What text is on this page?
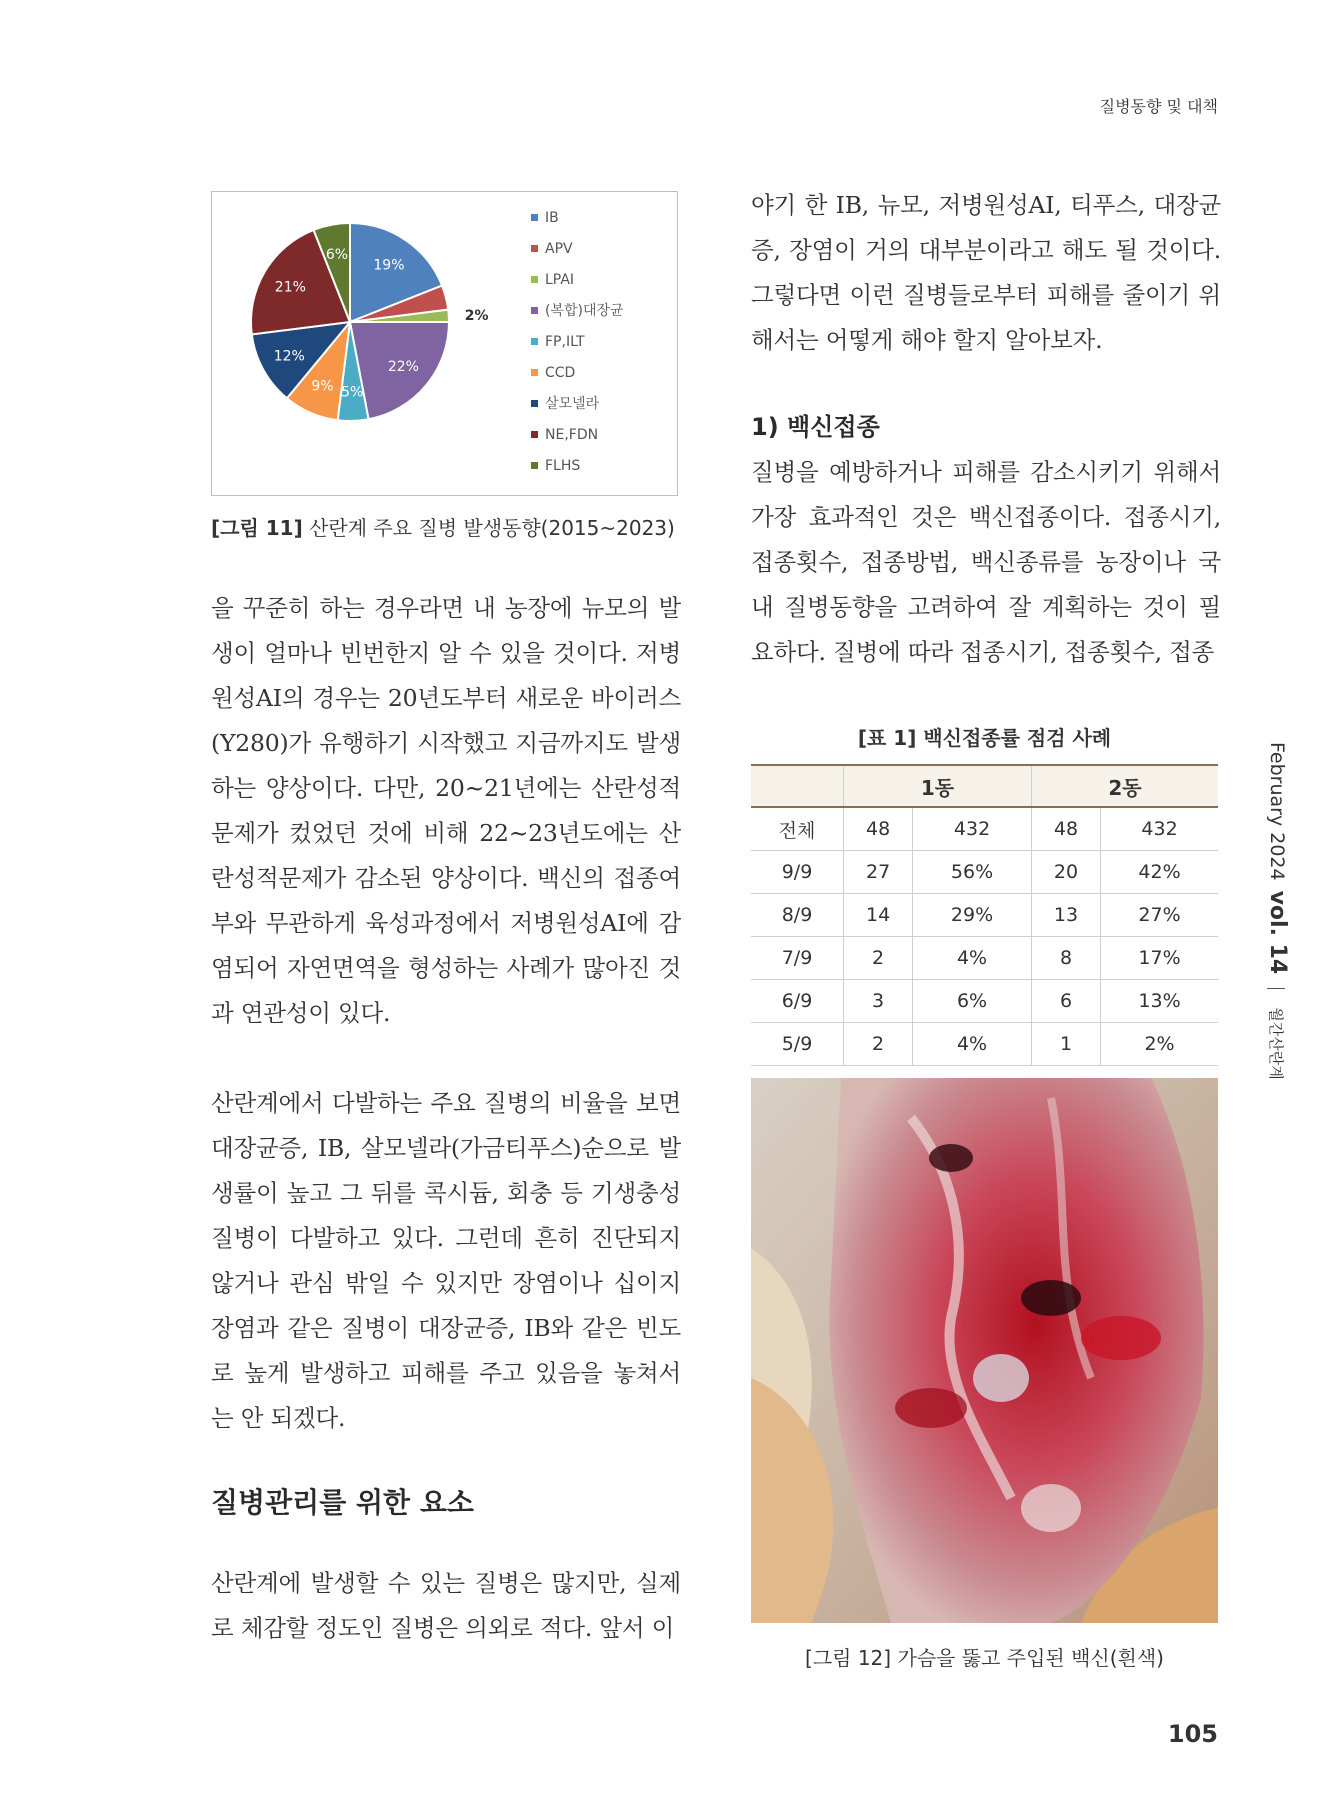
질병동향 및 대책
19%
2%
22%
5%
9%
12%
21%
6%
IB
APV
LPAI
(복합)대장균
FP,ILT
CCD
살모넬라
NE,FDN
FLHS
[그림 11] 산란계 주요 질병 발생동향(2015~2023)

을 꾸준히 하는 경우라면 내 농장에 뉴모의 발생이 얼마나 빈번한지 알 수 있을 것이다. 저병원성AI의 경우는 20년도부터 새로운 바이러스(Y280)가 유행하기 시작했고 지금까지도 발생하는 양상이다. 다만, 20~21년에는 산란성적문제가 컸었던 것에 비해 22~23년도에는 산란성적문제가 감소된 양상이다. 백신의 접종여부와 무관하게 육성과정에서 저병원성AI에 감염되어 자연면역을 형성하는 사례가 많아진 것과 연관성이 있다.

산란계에서 다발하는 주요 질병의 비율을 보면 대장균증, IB, 살모넬라(가금티푸스)순으로 발생률이 높고 그 뒤를 콕시듐, 회충 등 기생충성 질병이 다발하고 있다. 그런데 흔히 진단되지 않거나 관심 밖일 수 있지만 장염이나 십이지장염과 같은 질병이 대장균증, IB와 같은 빈도로 높게 발생하고 피해를 주고 있음을 놓쳐서는 안 되겠다.

질병관리를 위한 요소

산란계에 발생할 수 있는 질병은 많지만, 실제로 체감할 정도인 질병은 의외로 적다. 앞서 이

야기 한 IB, 뉴모, 저병원성AI, 티푸스, 대장균증, 장염이 거의 대부분이라고 해도 될 것이다. 그렇다면 이런 질병들로부터 피해를 줄이기 위해서는 어떻게 해야 할지 알아보자.

1) 백신접종

질병을 예방하거나 피해를 감소시키기 위해서 가장 효과적인 것은 백신접종이다. 접종시기, 접종횟수, 접종방법, 백신종류를 농장이나 국내 질병동향을 고려하여 잘 계획하는 것이 필요하다. 질병에 따라 접종시기, 접종횟수, 접종

[표 1] 백신접종률 점검 사례
	1동		2동	
전체	48	432	48	432
9/9	27	56%	20	42%
8/9	14	29%	13	27%
7/9	2	4%	8	17%
6/9	3	6%	6	13%
5/9	2	4%	1	2%
[그림 12] 가슴을 뚫고 주입된 백신(흰색)
February 2024vol. 14월간산란계
105
